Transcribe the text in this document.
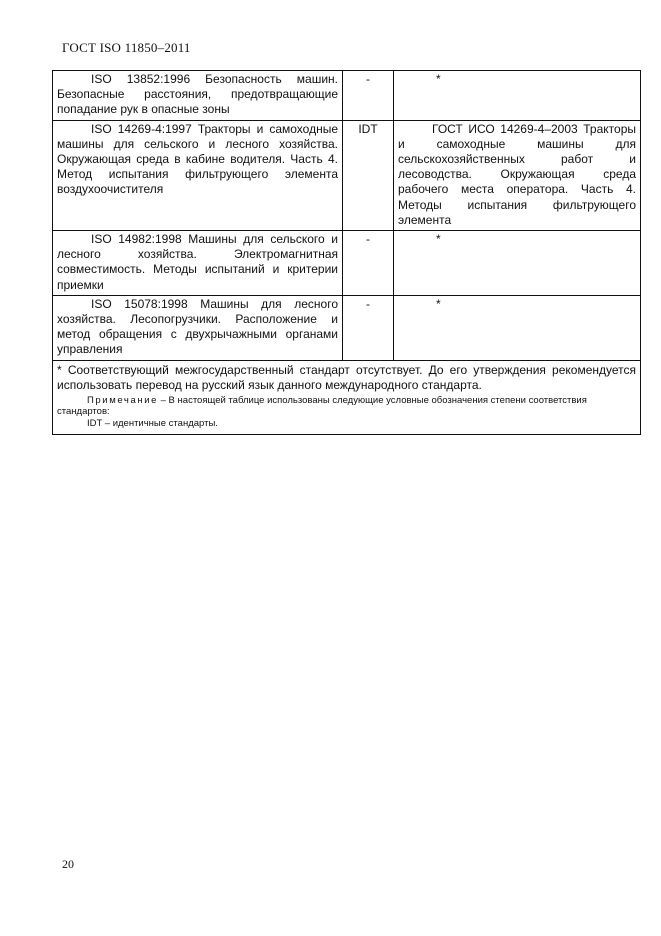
ГОСТ ISO 11850–2011
ISO 13852:1996 Безопасность машин. Безопасные расстояния, предотвращающие попадание рук в опасные зоны	-	*

ISO 14269-4:1997 Тракторы и самоходные машины для сельского и лесного хозяйства. Окружающая среда в кабине водителя. Часть 4. Метод испытания фильтрующего элемента воздухоочистителя	IDT	ГОСТ ИСО 14269-4–2003 Тракторы и самоходные машины для сельскохозяйственных работ и лесоводства. Окружающая среда рабочего места оператора. Часть 4. Методы испытания фильтрующего элемента

ISO 14982:1998 Машины для сельского и лесного хозяйства. Электромагнитная совместимость. Методы испытаний и критерии приемки	-	*

ISO 15078:1998 Машины для лесного хозяйства. Лесопогрузчики. Расположение и метод обращения с двухрычажными органами управления	-	*

* Соответствующий межгосударственный стандарт отсутствует. До его утверждения рекомендуется использовать перевод на русский язык данного международного стандарта.
Примечание – В настоящей таблице использованы следующие условные обозначения степени соответствия стандартов:
IDT – идентичные стандарты.		
20
